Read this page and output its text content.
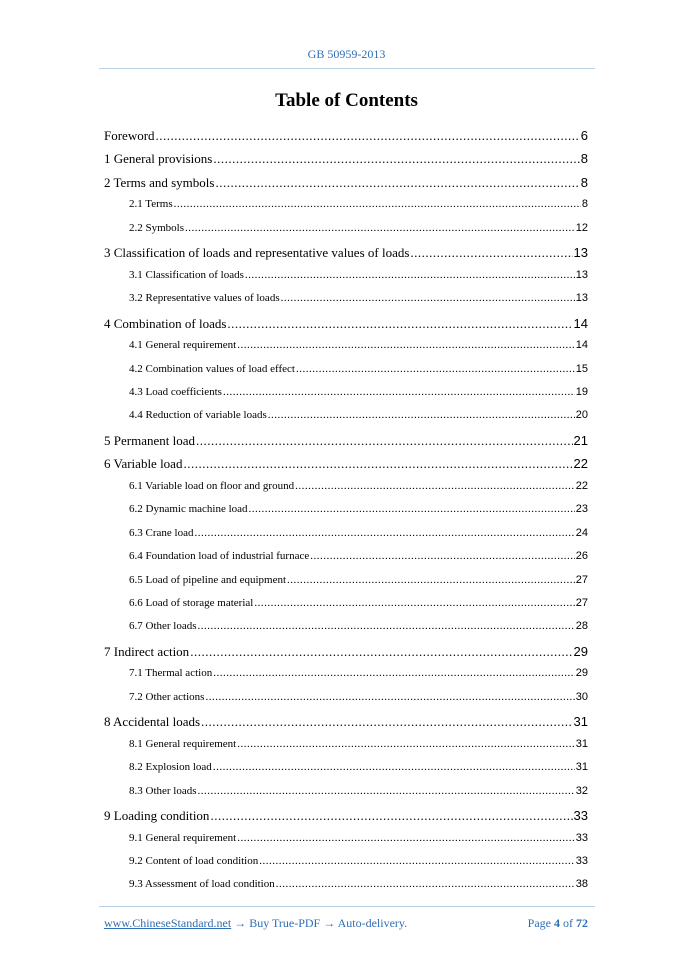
GB 50959-2013
Table of Contents
Foreword .....	6
1 General provisions .....	8
2 Terms and symbols .....	8
2.1 Terms .....	8
2.2 Symbols .....	12
3 Classification of loads and representative values of loads .....	13
3.1 Classification of loads .....	13
3.2 Representative values of loads .....	13
4 Combination of loads .....	14
4.1 General requirement .....	14
4.2 Combination values of load effect .....	15
4.3 Load coefficients .....	19
4.4 Reduction of variable loads .....	20
5 Permanent load .....	21
6 Variable load .....	22
6.1 Variable load on floor and ground .....	22
6.2 Dynamic machine load .....	23
6.3 Crane load .....	24
6.4 Foundation load of industrial furnace .....	26
6.5 Load of pipeline and equipment .....	27
6.6 Load of storage material .....	27
6.7 Other loads .....	28
7 Indirect action .....	29
7.1 Thermal action .....	29
7.2 Other actions .....	30
8 Accidental loads .....	31
8.1 General requirement .....	31
8.2 Explosion load .....	31
8.3 Other loads .....	32
9 Loading condition .....	33
9.1 General requirement .....	33
9.2 Content of load condition .....	33
9.3 Assessment of load condition .....	38
www.ChineseStandard.net → Buy True-PDF → Auto-delivery.	Page 4 of 72
